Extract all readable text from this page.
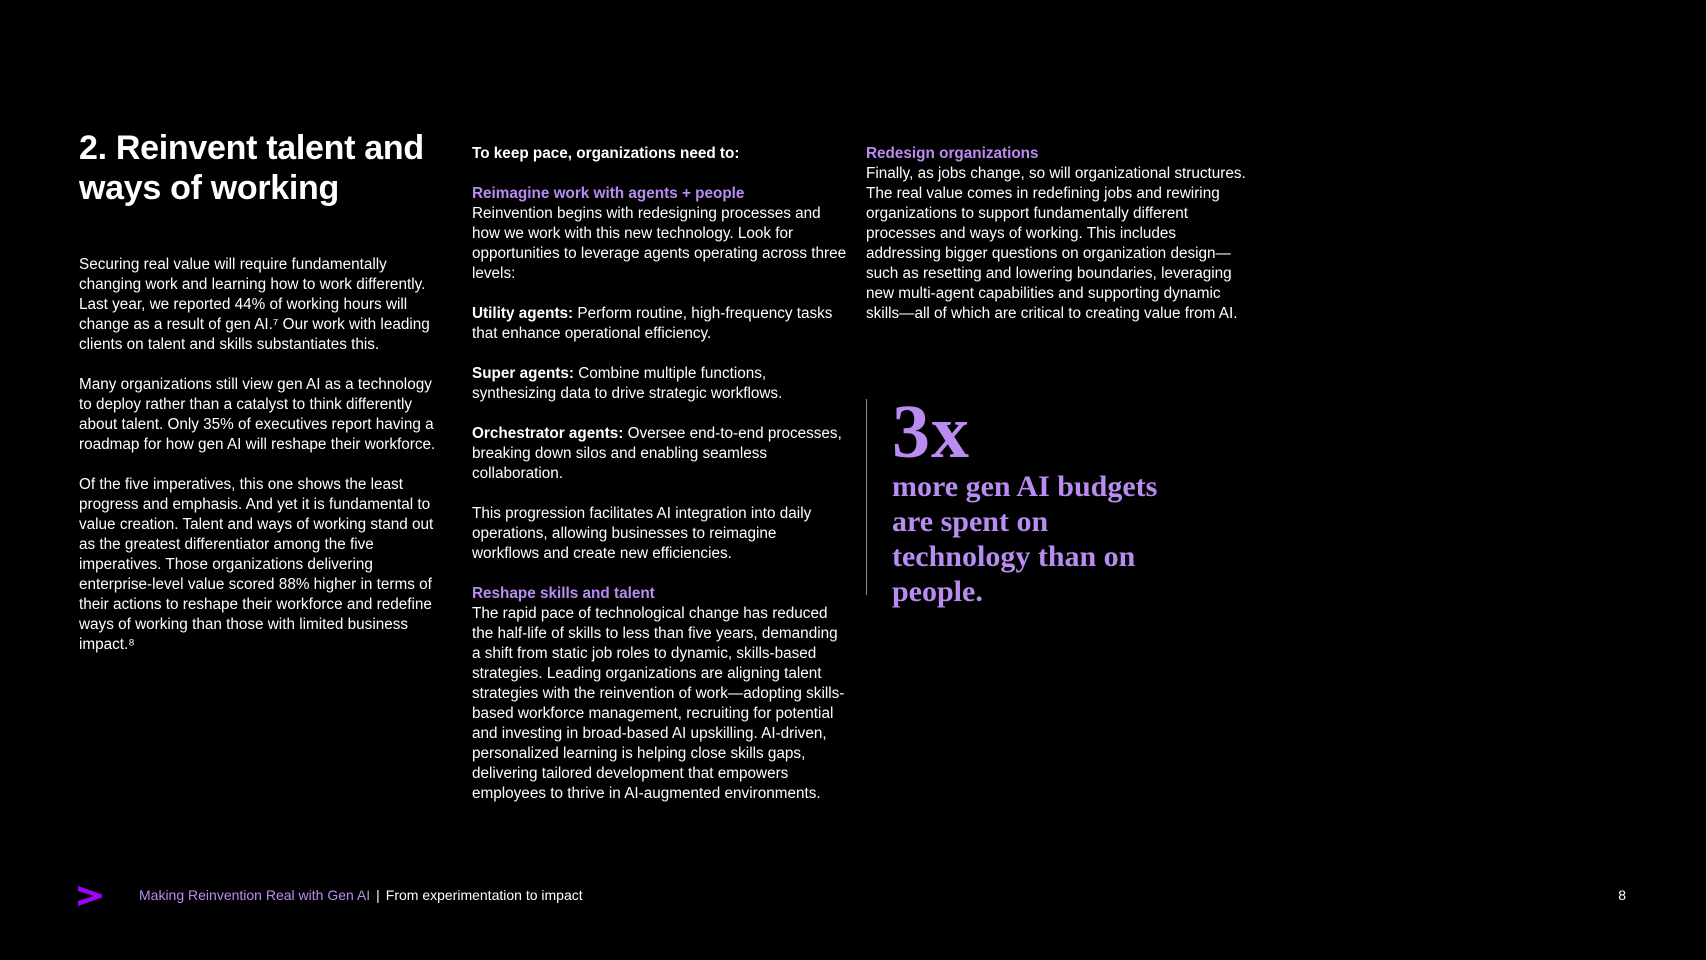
2. Reinvent talent and ways of working

Securing real value will require fundamentally changing work and learning how to work differently. Last year, we reported 44% of working hours will change as a result of gen AI.⁷ Our work with leading clients on talent and skills substantiates this.

Many organizations still view gen AI as a technology to deploy rather than a catalyst to think differently about talent. Only 35% of executives report having a roadmap for how gen AI will reshape their workforce.

Of the five imperatives, this one shows the least progress and emphasis. And yet it is fundamental to value creation. Talent and ways of working stand out as the greatest differentiator among the five imperatives. Those organizations delivering enterprise-level value scored 88% higher in terms of their actions to reshape their workforce and redefine ways of working than those with limited business impact.⁸

To keep pace, organizations need to:

Reimagine work with agents + people

Reinvention begins with redesigning processes and how we work with this new technology. Look for opportunities to leverage agents operating across three levels:

Utility agents: Perform routine, high-frequency tasks that enhance operational efficiency.

Super agents: Combine multiple functions, synthesizing data to drive strategic workflows.

Orchestrator agents: Oversee end-to-end processes, breaking down silos and enabling seamless collaboration.

This progression facilitates AI integration into daily operations, allowing businesses to reimagine workflows and create new efficiencies.

Reshape skills and talent

The rapid pace of technological change has reduced the half-life of skills to less than five years, demanding a shift from static job roles to dynamic, skills-based strategies. Leading organizations are aligning talent strategies with the reinvention of work—adopting skills-based workforce management, recruiting for potential and investing in broad-based AI upskilling. AI-driven, personalized learning is helping close skills gaps, delivering tailored development that empowers employees to thrive in AI-augmented environments.

Redesign organizations

Finally, as jobs change, so will organizational structures. The real value comes in redefining jobs and rewiring organizations to support fundamentally different processes and ways of working. This includes addressing bigger questions on organization design—such as resetting and lowering boundaries, leveraging new multi-agent capabilities and supporting dynamic skills—all of which are critical to creating value from AI.

3x
more gen AI budgets are spent on technology than on people.
Making Reinvention Real with Gen AI | From experimentation to impact	8
